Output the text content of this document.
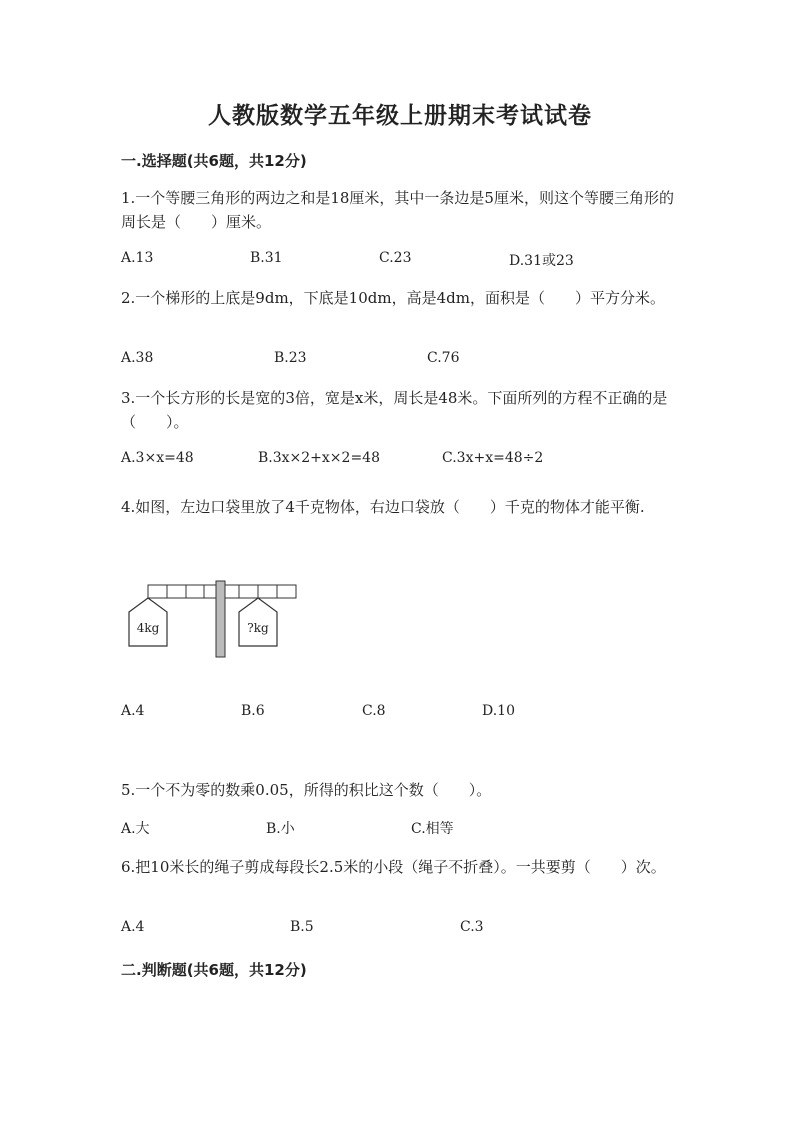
人教版数学五年级上册期末考试试卷
一.选择题(共6题，共12分)
1.一个等腰三角形的两边之和是18厘米，其中一条边是5厘米，则这个等腰三角形的周长是（　　）厘米。
A.13	B.31	C.23	D.31或23
2.一个梯形的上底是9dm，下底是10dm，高是4dm，面积是（　　）平方分米。
A.38	B.23	C.76
3.一个长方形的长是宽的3倍，宽是x米，周长是48米。下面所列的方程不正确的是（　　）。
A.3×x=48	B.3x×2+x×2=48	C.3x+x=48÷2
4.如图，左边口袋里放了4千克物体，右边口袋放（　　）千克的物体才能平衡.
4kg	?kg
A.4	B.6	C.8	D.10
5.一个不为零的数乘0.05，所得的积比这个数（　　）。
A.大	B.小	C.相等
6.把10米长的绳子剪成每段长2.5米的小段（绳子不折叠）。一共要剪（　　）次。
A.4	B.5	C.3
二.判断题(共6题，共12分)
